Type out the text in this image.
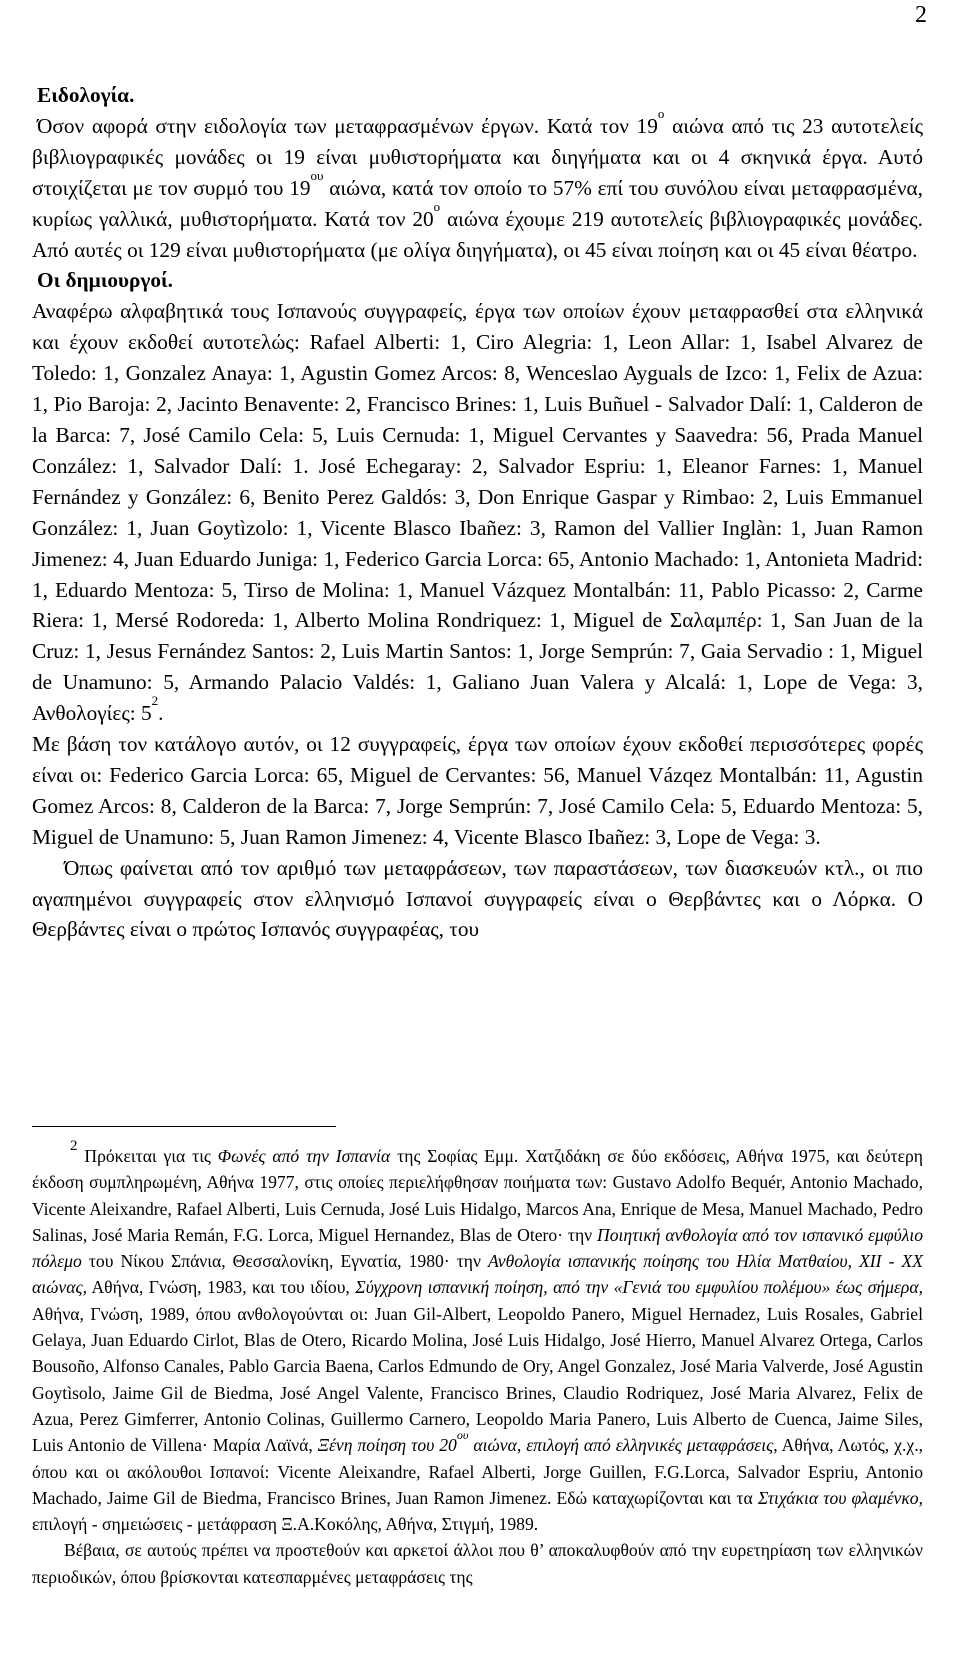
2

Ειδολογία.

Όσον αφορά στην ειδολογία των μεταφρασμένων έργων. Κατά τον $19^o$ αιώνα από τις 23 αυτοτελείς βιβλιογραφικές μονάδες οι 19 είναι μυθιστορήματα και διηγήματα και οι 4 σκηνικά έργα. Αυτό στοιχίζεται με τον συρμό του $19^{o\upsilon}$ αιώνα, κατά τον οποίο το 57% επί του συνόλου είναι μεταφρασμένα, κυρίως γαλλικά, μυθιστορήματα. Κατά τον $20^o$ αιώνα έχουμε 219 αυτοτελείς βιβλιογραφικές μονάδες. Από αυτές οι 129 είναι μυθιστορήματα (με ολίγα διηγήματα), οι 45 είναι ποίηση και οι 45 είναι θέατρο.

Οι δημιουργοί.

Αναφέρω αλφαβητικά τους Ισπανούς συγγραφείς, έργα των οποίων έχουν μεταφρασθεί στα ελληνικά και έχουν εκδοθεί αυτοτελώς: Rafael Alberti: 1, Ciro Alegria: 1, Leon Allar: 1, Isabel Alvarez de Toledo: 1, Gonzalez Anaya: 1, Agustin Gomez Arcos: 8, Wenceslao Ayguals de Izco: 1, Felix de Azua: 1, Pio Baroja: 2, Jacinto Benavente: 2, Francisco Brines: 1, Luis Buñuel - Salvador Dalí: 1, Calderon de la Barca: 7, José Camilo Cela: 5, Luis Cernuda: 1, Miguel Cervantes y Saavedra: 56, Prada Manuel Conzález: 1, Salvador Dalí: 1. José Echegaray: 2, Salvador Espriu: 1, Eleanor Farnes: 1, Manuel Fernández y González: 6, Benito Perez Galdós: 3, Don Enrique Gaspar y Rimbao: 2, Luis Emmanuel González: 1, Juan Goytìzolo: 1, Vicente Blasco Ibañez: 3, Ramon del Vallier Inglàn: 1, Juan Ramon Jimenez: 4, Juan Eduardo Juniga: 1, Federico Garcia Lorca: 65, Antonio Machado: 1, Antonieta Madrid: 1, Eduardo Mentoza: 5, Tirso de Molina: 1, Manuel Vázquez Montalbán: 11, Pablo Picasso: 2, Carme Riera: 1, Mersé Rodoreda: 1, Alberto Molina Rondriquez: 1, Miguel de Σαλαμπέρ: 1, San Juan de la Cruz: 1, Jesus Fernández Santos: 2, Luis Martin Santos: 1, Jorge Semprún: 7, Gaia Servadio : 1, Miguel de Unamuno: 5, Armando Palacio Valdés: 1, Galiano Juan Valera y Alcalá: 1, Lope de Vega: 3, Ανθολογίες: $5^2$.

Με βάση τον κατάλογο αυτόν, οι 12 συγγραφείς, έργα των οποίων έχουν εκδοθεί περισσότερες φορές είναι οι: Federico Garcia Lorca: 65, Miguel de Cervantes: 56, Manuel Vázqez Montalbán: 11, Agustin Gomez Arcos: 8, Calderon de la Barca: 7, Jorge Semprún: 7, José Camilo Cela: 5, Eduardo Mentoza: 5, Miguel de Unamuno: 5, Juan Ramon Jimenez: 4, Vicente Blasco Ibañez: 3, Lope de Vega: 3.

Όπως φαίνεται από τον αριθμό των μεταφράσεων, των παραστάσεων, των διασκευών κτλ., οι πιο αγαπημένοι συγγραφείς στον ελληνισμό Ισπανοί συγγραφείς είναι ο Θερβάντες και ο Λόρκα. Ο Θερβάντες είναι ο πρώτος Ισπανός συγγραφέας, του

2 Πρόκειται για τις Φωνές από την Ισπανία της Σοφίας Εμμ. Χατζιδάκη σε δύο εκδόσεις, Αθήνα 1975, και δεύτερη έκδοση συμπληρωμένη, Αθήνα 1977, στις οποίες περιελήφθησαν ποιήματα των: Gustavo Adolfo Bequér, Antonio Machado, Vicente Aleixandre, Rafael Alberti, Luis Cernuda, José Luis Hidalgo, Marcos Ana, Enrique de Mesa, Manuel Machado, Pedro Salinas, José Maria Remán, F.G. Lorca, Miguel Hernandez, Blas de Otero· την Ποιητική ανθολογία από τον ισπανικό εμφύλιο πόλεμο του Νίκου Σπάνια, Θεσσαλονίκη, Εγνατία, 1980· την Ανθολογία ισπανικής ποίησης του Ηλία Ματθαίου, XII - XX αιώνας, Αθήνα, Γνώση, 1983, και του ιδίου, Σύγχρονη ισπανική ποίηση, από την «Γενιά του εμφυλίου πολέμου» έως σήμερα, Αθήνα, Γνώση, 1989, όπου ανθολογούνται οι: Juan Gil-Albert, Leopoldo Panero, Miguel Hernadez, Luis Rosales, Gabriel Gelaya, Juan Eduardo Cirlot, Blas de Otero, Ricardo Molina, José Luis Hidalgo, José Hierro, Manuel Alvarez Ortega, Carlos Bousoño, Alfonso Canales, Pablo Garcia Baena, Carlos Edmundo de Ory, Angel Gonzalez, José Maria Valverde, José Agustin Goytìsolo, Jaime Gil de Biedma, José Angel Valente, Francisco Brines, Claudio Rodriquez, José Maria Alvarez, Felix de Azua, Perez Gimferrer, Antonio Colinas, Guillermo Carnero, Leopoldo Maria Panero, Luis Alberto de Cuenca, Jaime Siles, Luis Antonio de Villena· Μαρία Λαϊνά, Ξένη ποίηση του 20$^{o\upsilon}$ αιώνα, επιλογή από ελληνικές μεταφράσεις, Αθήνα, Λωτός, χ.χ., όπου και οι ακόλουθοι Ισπανοί: Vicente Aleixandre, Rafael Alberti, Jorge Guillen, F.G.Lorca, Salvador Espriu, Antonio Machado, Jaime Gil de Biedma, Francisco Brines, Juan Ramon Jimenez. Εδώ καταχωρίζονται και τα Στιχάκια του φλαμένκο, επιλογή - σημειώσεις - μετάφραση Ξ.Α.Κοκόλης, Αθήνα, Στιγμή, 1989.

Βέβαια, σε αυτούς πρέπει να προστεθούν και αρκετοί άλλοι που θ’ αποκαλυφθούν από την ευρετηρίαση των ελληνικών περιοδικών, όπου βρίσκονται κατεσπαρμένες μεταφράσεις της
